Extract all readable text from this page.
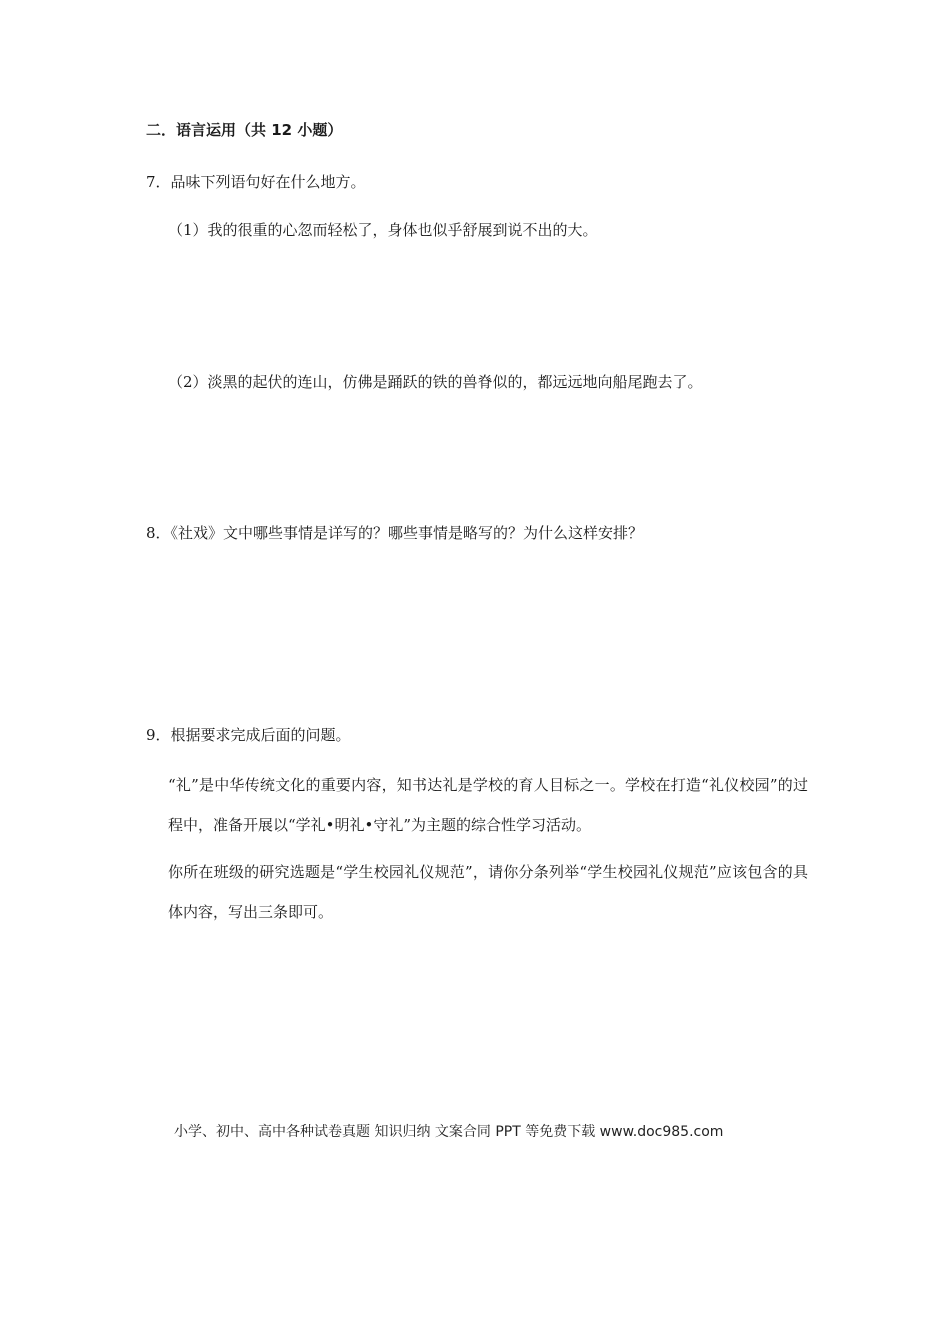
二．语言运用（共 12 小题）
7．品味下列语句好在什么地方。
（1）我的很重的心忽而轻松了，身体也似乎舒展到说不出的大。
（2）淡黑的起伏的连山，仿佛是踊跃的铁的兽脊似的，都远远地向船尾跑去了。
8．《社戏》文中哪些事情是详写的？哪些事情是略写的？为什么这样安排？
9．根据要求完成后面的问题。
“礼”是中华传统文化的重要内容，知书达礼是学校的育人目标之一。学校在打造“礼仪校园”的过程中，准备开展以“学礼•明礼•守礼”为主题的综合性学习活动。
你所在班级的研究选题是“学生校园礼仪规范”，请你分条列举“学生校园礼仪规范”应该包含的具体内容，写出三条即可。
小学、初中、高中各种试卷真题 知识归纳 文案合同 PPT 等免费下载 www.doc985.com
